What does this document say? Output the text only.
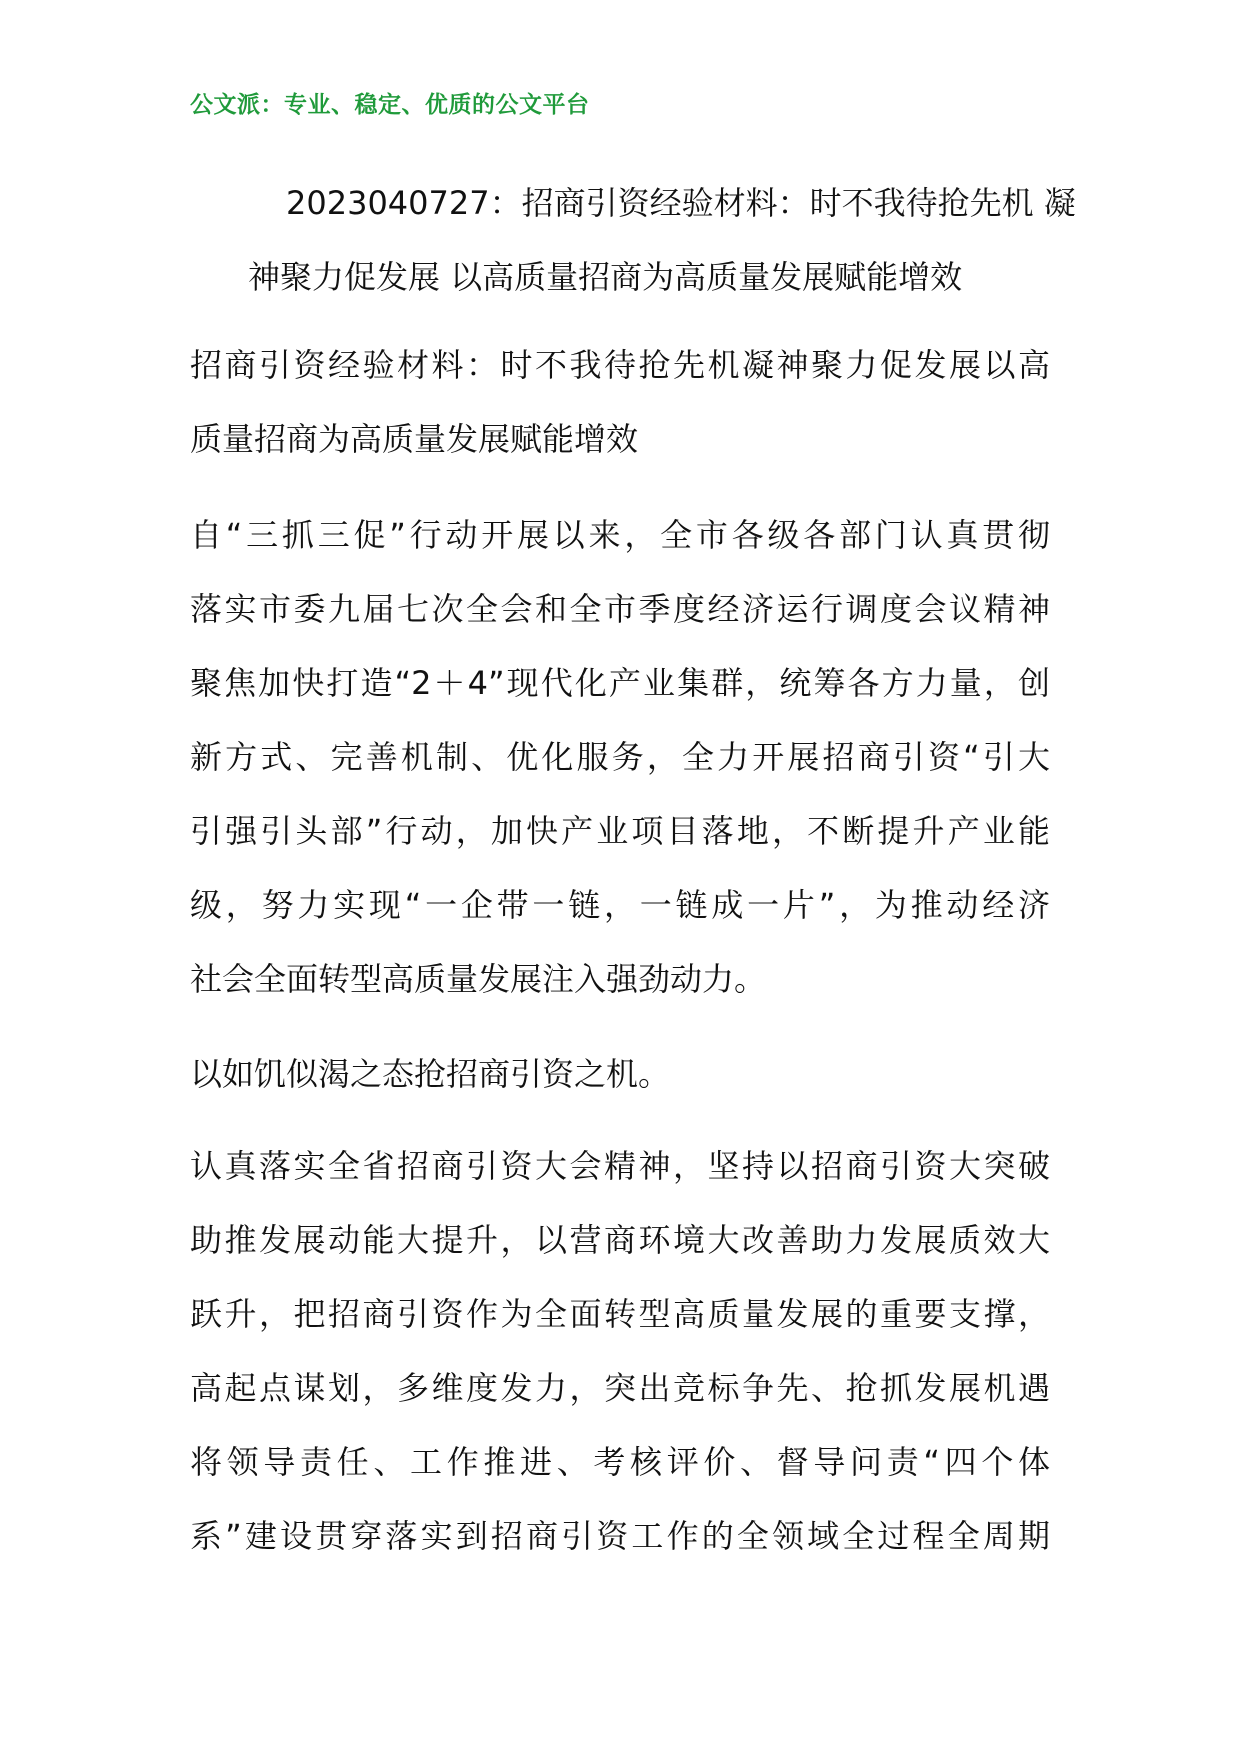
公文派：专业、稳定、优质的公文平台
2023040727：招商引资经验材料：时不我待抢先机 凝
神聚力促发展 以高质量招商为高质量发展赋能增效
招商引资经验材料：时不我待抢先机凝神聚力促发展以高
质量招商为高质量发展赋能增效
自“三抓三促”行动开展以来，全市各级各部门认真贯彻
落实市委九届七次全会和全市季度经济运行调度会议精神
聚焦加快打造“2＋4”现代化产业集群，统筹各方力量，创
新方式、完善机制、优化服务，全力开展招商引资“引大
引强引头部”行动，加快产业项目落地，不断提升产业能
级，努力实现“一企带一链，一链成一片”，为推动经济
社会全面转型高质量发展注入强劲动力。
以如饥似渴之态抢招商引资之机。
认真落实全省招商引资大会精神，坚持以招商引资大突破
助推发展动能大提升，以营商环境大改善助力发展质效大
跃升，把招商引资作为全面转型高质量发展的重要支撑，
高起点谋划，多维度发力，突出竞标争先、抢抓发展机遇
将领导责任、工作推进、考核评价、督导问责“四个体
系”建设贯穿落实到招商引资工作的全领域全过程全周期
